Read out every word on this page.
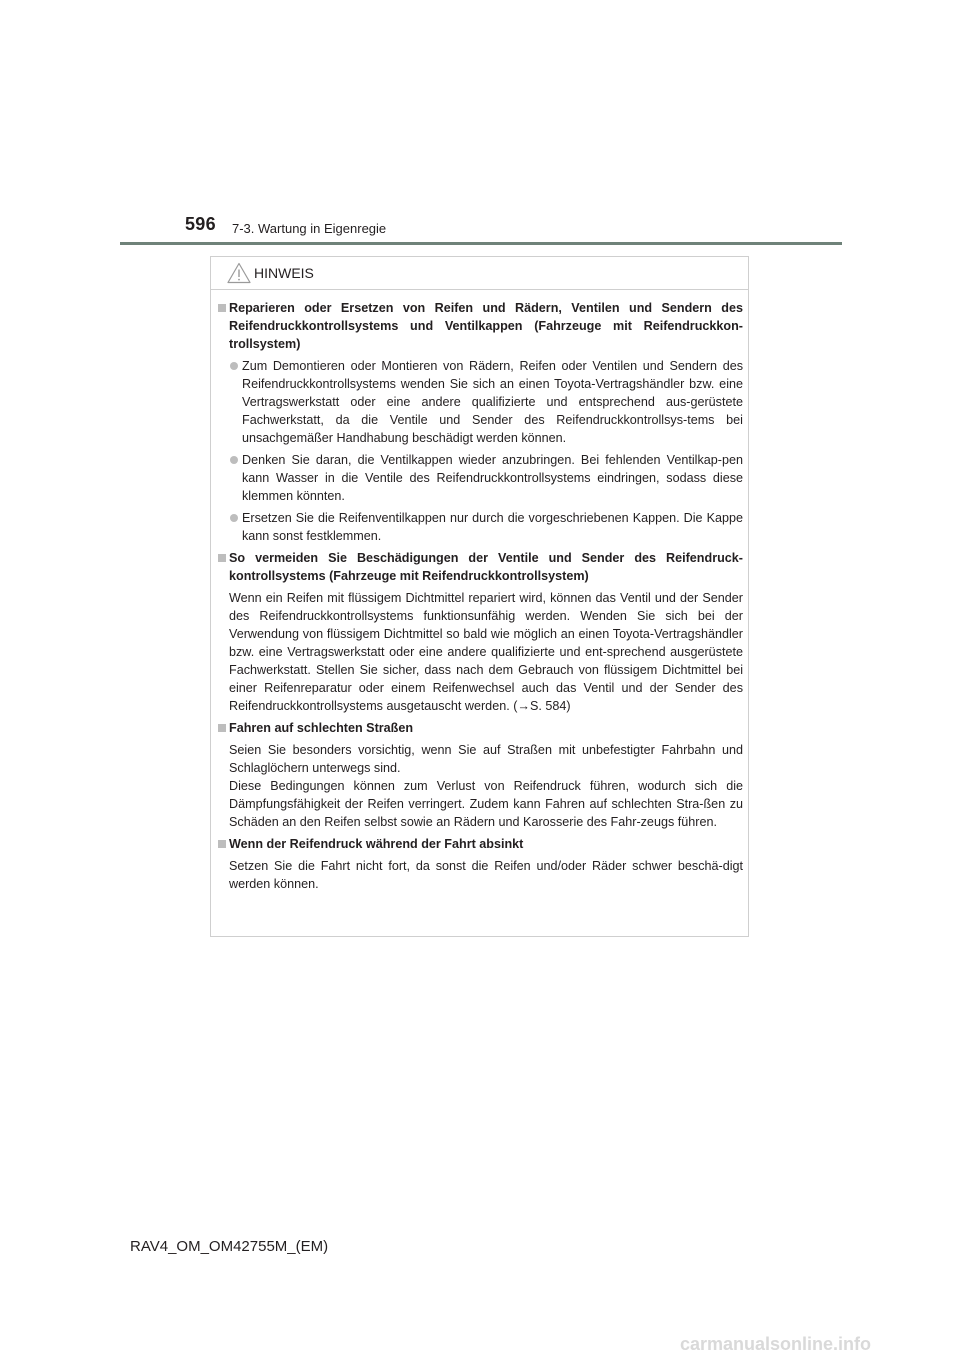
596 7-3. Wartung in Eigenregie
HINWEIS
Reparieren oder Ersetzen von Reifen und Rädern, Ventilen und Sendern des Reifendruckkontrollsystems und Ventilkappen (Fahrzeuge mit Reifendruckkon-trollsystem)
Zum Demontieren oder Montieren von Rädern, Reifen oder Ventilen und Sendern des Reifendruckkontrollsystems wenden Sie sich an einen Toyota-Vertragshändler bzw. eine Vertragswerkstatt oder eine andere qualifizierte und entsprechend aus-gerüstete Fachwerkstatt, da die Ventile und Sender des Reifendruckkontrollsys-tems bei unsachgemäßer Handhabung beschädigt werden können.
Denken Sie daran, die Ventilkappen wieder anzubringen. Bei fehlenden Ventilkap-pen kann Wasser in die Ventile des Reifendruckkontrollsystems eindringen, sodass diese klemmen könnten.
Ersetzen Sie die Reifenventilkappen nur durch die vorgeschriebenen Kappen. Die Kappe kann sonst festklemmen.
So vermeiden Sie Beschädigungen der Ventile und Sender des Reifendruck-kontrollsystems (Fahrzeuge mit Reifendruckkontrollsystem)
Wenn ein Reifen mit flüssigem Dichtmittel repariert wird, können das Ventil und der Sender des Reifendruckkontrollsystems funktionsunfähig werden. Wenden Sie sich bei der Verwendung von flüssigem Dichtmittel so bald wie möglich an einen Toyota-Vertragshändler bzw. eine Vertragswerkstatt oder eine andere qualifizierte und ent-sprechend ausgerüstete Fachwerkstatt. Stellen Sie sicher, dass nach dem Gebrauch von flüssigem Dichtmittel bei einer Reifenreparatur oder einem Reifenwechsel auch das Ventil und der Sender des Reifendruckkontrollsystems ausgetauscht werden. (→S. 584)
Fahren auf schlechten Straßen
Seien Sie besonders vorsichtig, wenn Sie auf Straßen mit unbefestigter Fahrbahn und Schlaglöchern unterwegs sind.
Diese Bedingungen können zum Verlust von Reifendruck führen, wodurch sich die Dämpfungsfähigkeit der Reifen verringert. Zudem kann Fahren auf schlechten Stra-ßen zu Schäden an den Reifen selbst sowie an Rädern und Karosserie des Fahr-zeugs führen.
Wenn der Reifendruck während der Fahrt absinkt
Setzen Sie die Fahrt nicht fort, da sonst die Reifen und/oder Räder schwer beschä-digt werden können.
RAV4_OM_OM42755M_(EM)
carmanualsonline.info
